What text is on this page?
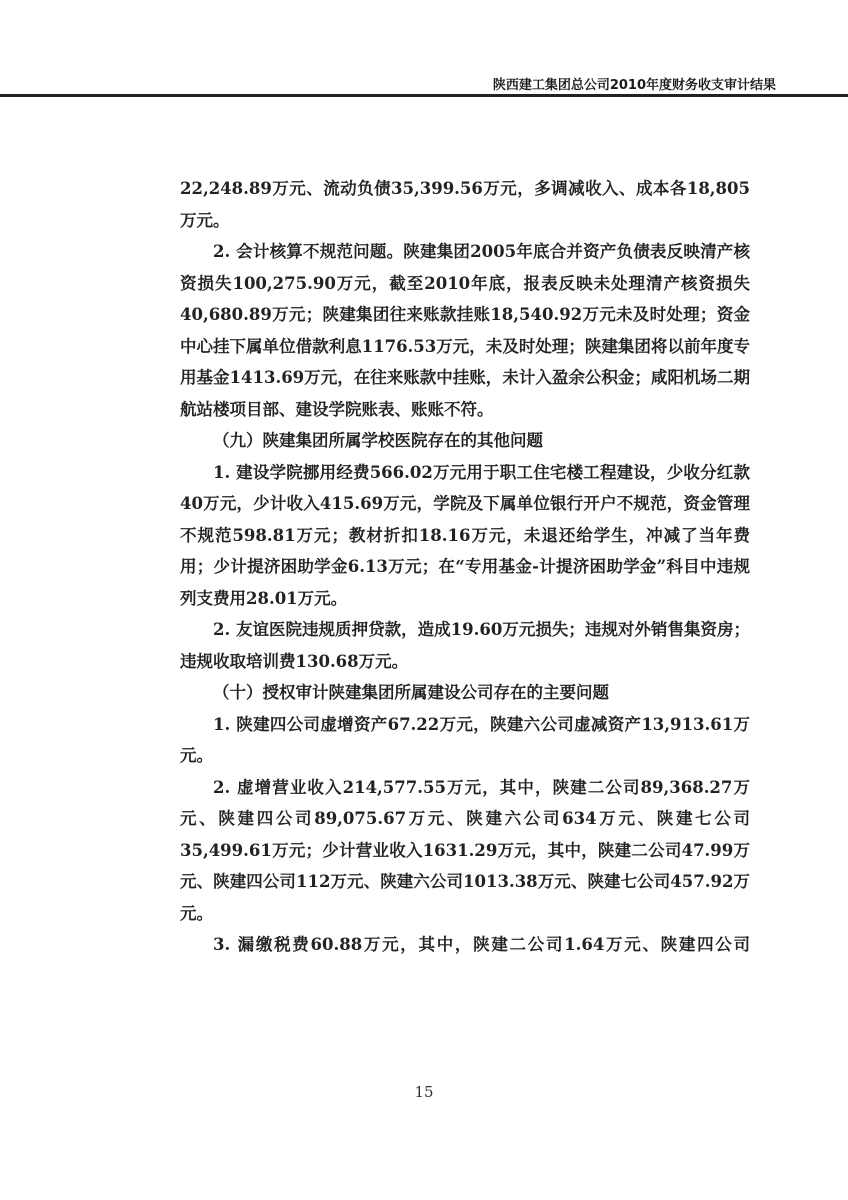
陕西建工集团总公司2010年度财务收支审计结果

22,248.89万元、流动负债35,399.56万元，多调减收入、成本各18,805万元。

2. 会计核算不规范问题。陕建集团2005年底合并资产负债表反映清产核资损失100,275.90万元，截至2010年底，报表反映未处理清产核资损失40,680.89万元；陕建集团往来账款挂账18,540.92万元未及时处理；资金中心挂下属单位借款利息1176.53万元，未及时处理；陕建集团将以前年度专用基金1413.69万元，在往来账款中挂账，未计入盈余公积金；咸阳机场二期航站楼项目部、建设学院账表、账账不符。

（九）陕建集团所属学校医院存在的其他问题

1. 建设学院挪用经费566.02万元用于职工住宅楼工程建设，少收分红款40万元，少计收入415.69万元，学院及下属单位银行开户不规范，资金管理不规范598.81万元；教材折扣18.16万元，未退还给学生，冲减了当年费用；少计提济困助学金6.13万元；在“专用基金-计提济困助学金”科目中违规列支费用28.01万元。

2. 友谊医院违规质押贷款，造成19.60万元损失；违规对外销售集资房；违规收取培训费130.68万元。

（十）授权审计陕建集团所属建设公司存在的主要问题

1. 陕建四公司虚增资产67.22万元，陕建六公司虚减资产13,913.61万元。

2. 虚增营业收入214,577.55万元，其中，陕建二公司89,368.27万元、陕建四公司89,075.67万元、陕建六公司634万元、陕建七公司35,499.61万元；少计营业收入1631.29万元，其中，陕建二公司47.99万元、陕建四公司112万元、陕建六公司1013.38万元、陕建七公司457.92万元。

3. 漏缴税费60.88万元，其中，陕建二公司1.64万元、陕建四公司

15
